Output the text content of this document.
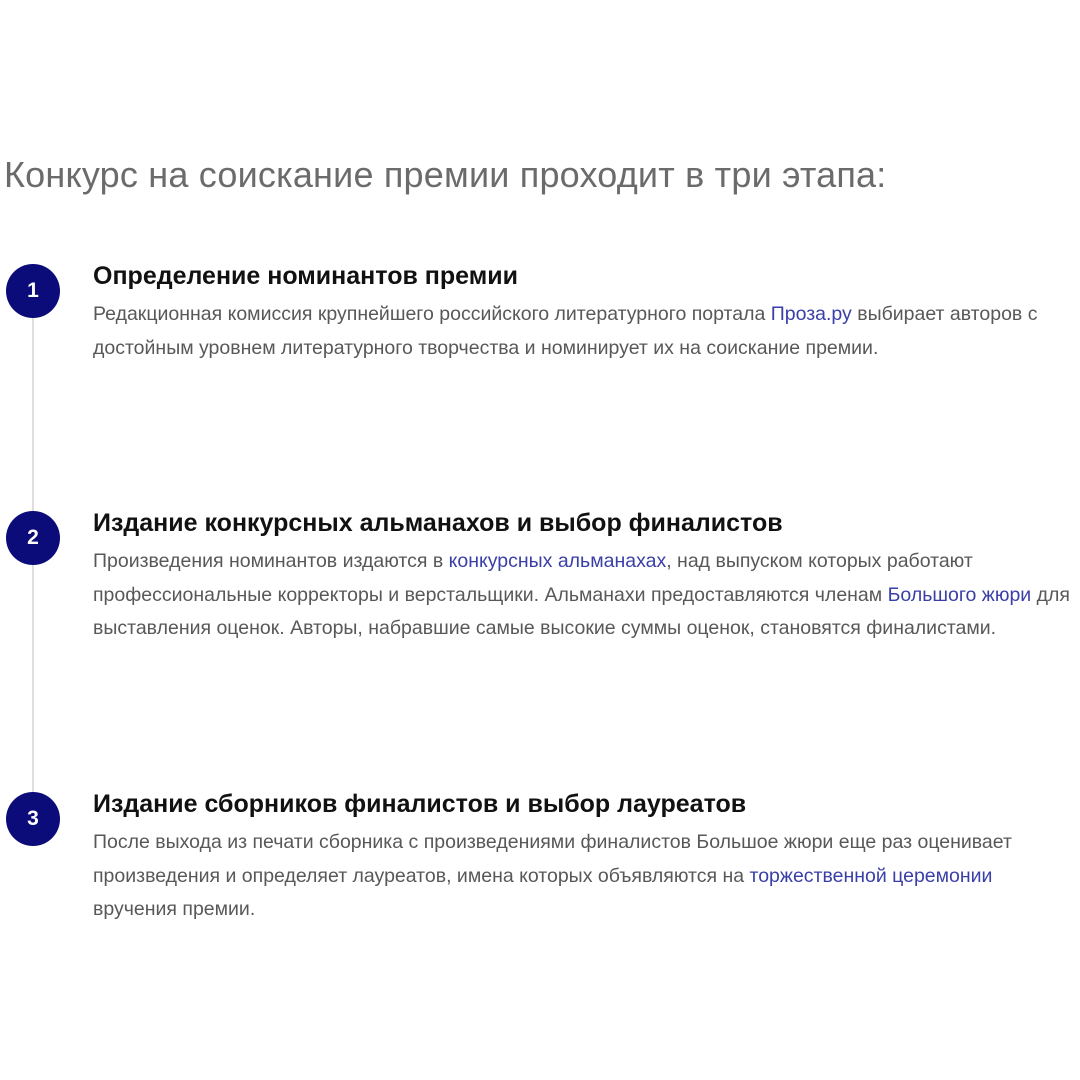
Конкурс на соискание премии проходит в три этапа:
1
Определение номинантов премии

Редакционная комиссия крупнейшего российского литературного портала Проза.ру выбирает авторов с достойным уровнем литературного творчества и номинирует их на соискание премии.

2
Издание конкурсных альманахов и выбор финалистов

Произведения номинантов издаются в конкурсных альманахах, над выпуском которых работают профессиональные корректоры и верстальщики. Альманахи предоставляются членам Большого жюри для выставления оценок. Авторы, набравшие самые высокие суммы оценок, становятся финалистами.

3
Издание сборников финалистов и выбор лауреатов

После выхода из печати сборника с произведениями финалистов Большое жюри еще раз оценивает произведения и определяет лауреатов, имена которых объявляются на торжественной церемонии вручения премии.
